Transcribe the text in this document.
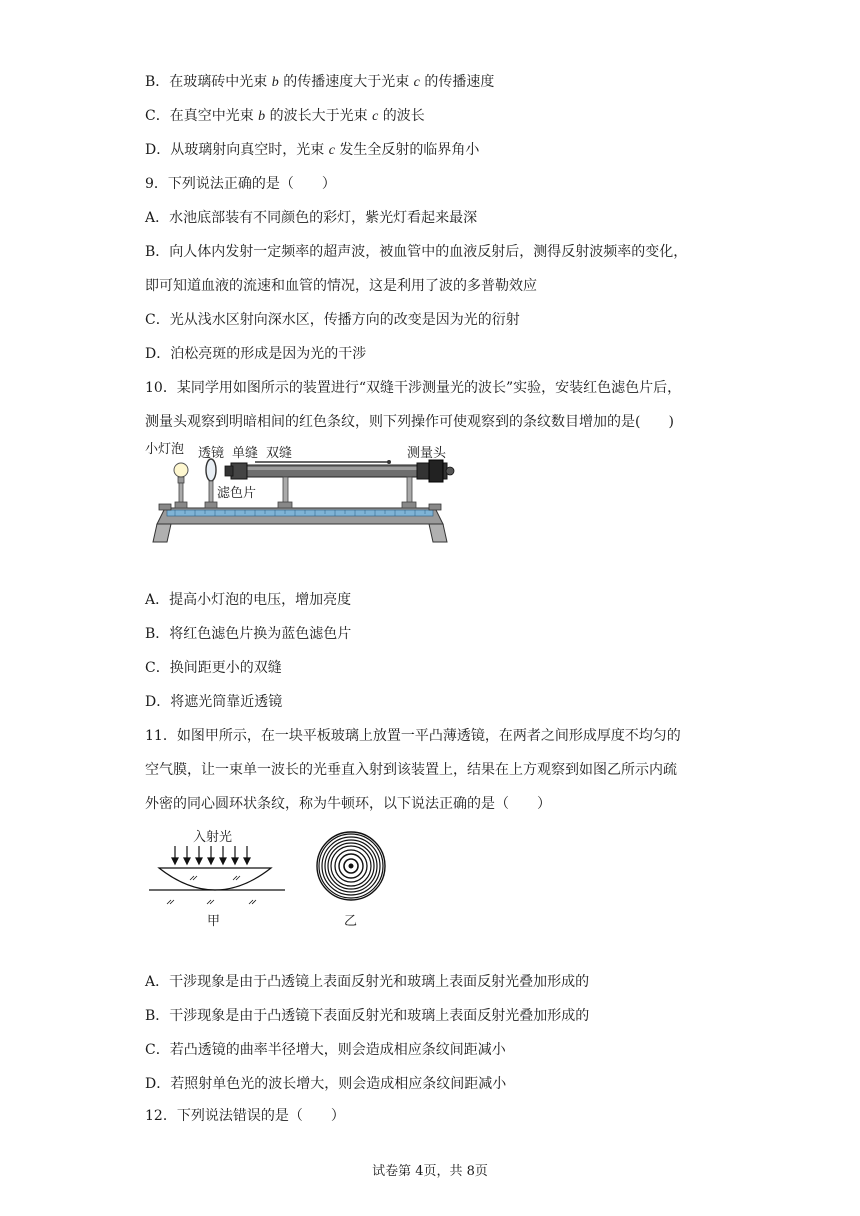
B．在玻璃砖中光束 b 的传播速度大于光束 c 的传播速度
C．在真空中光束 b 的波长大于光束 c 的波长
D．从玻璃射向真空时，光束 c 发生全反射的临界角小
9．下列说法正确的是（　　）
A．水池底部装有不同颜色的彩灯，紫光灯看起来最深
B．向人体内发射一定频率的超声波，被血管中的血液反射后，测得反射波频率的变化，
即可知道血液的流速和血管的情况，这是利用了波的多普勒效应
C．光从浅水区射向深水区，传播方向的改变是因为光的衍射
D．泊松亮斑的形成是因为光的干涉
10．某同学用如图所示的装置进行“双缝干涉测量光的波长”实验，安装红色滤色片后，
测量头观察到明暗相间的红色条纹，则下列操作可使观察到的条纹数目增加的是(　　)
小灯泡 透镜 单缝 双缝
滤色片
测量头
A．提高小灯泡的电压，增加亮度
B．将红色滤色片换为蓝色滤色片
C．换间距更小的双缝
D．将遮光筒靠近透镜
11．如图甲所示，在一块平板玻璃上放置一平凸薄透镜，在两者之间形成厚度不均匀的
空气膜，让一束单一波长的光垂直入射到该装置上，结果在上方观察到如图乙所示内疏
外密的同心圆环状条纹，称为牛顿环，以下说法正确的是（　　）
入射光
甲	乙
A．干涉现象是由于凸透镜上表面反射光和玻璃上表面反射光叠加形成的
B．干涉现象是由于凸透镜下表面反射光和玻璃上表面反射光叠加形成的
C．若凸透镜的曲率半径增大，则会造成相应条纹间距减小
D．若照射单色光的波长增大，则会造成相应条纹间距减小
12．下列说法错误的是（　　）
试卷第 4页，共 8页
